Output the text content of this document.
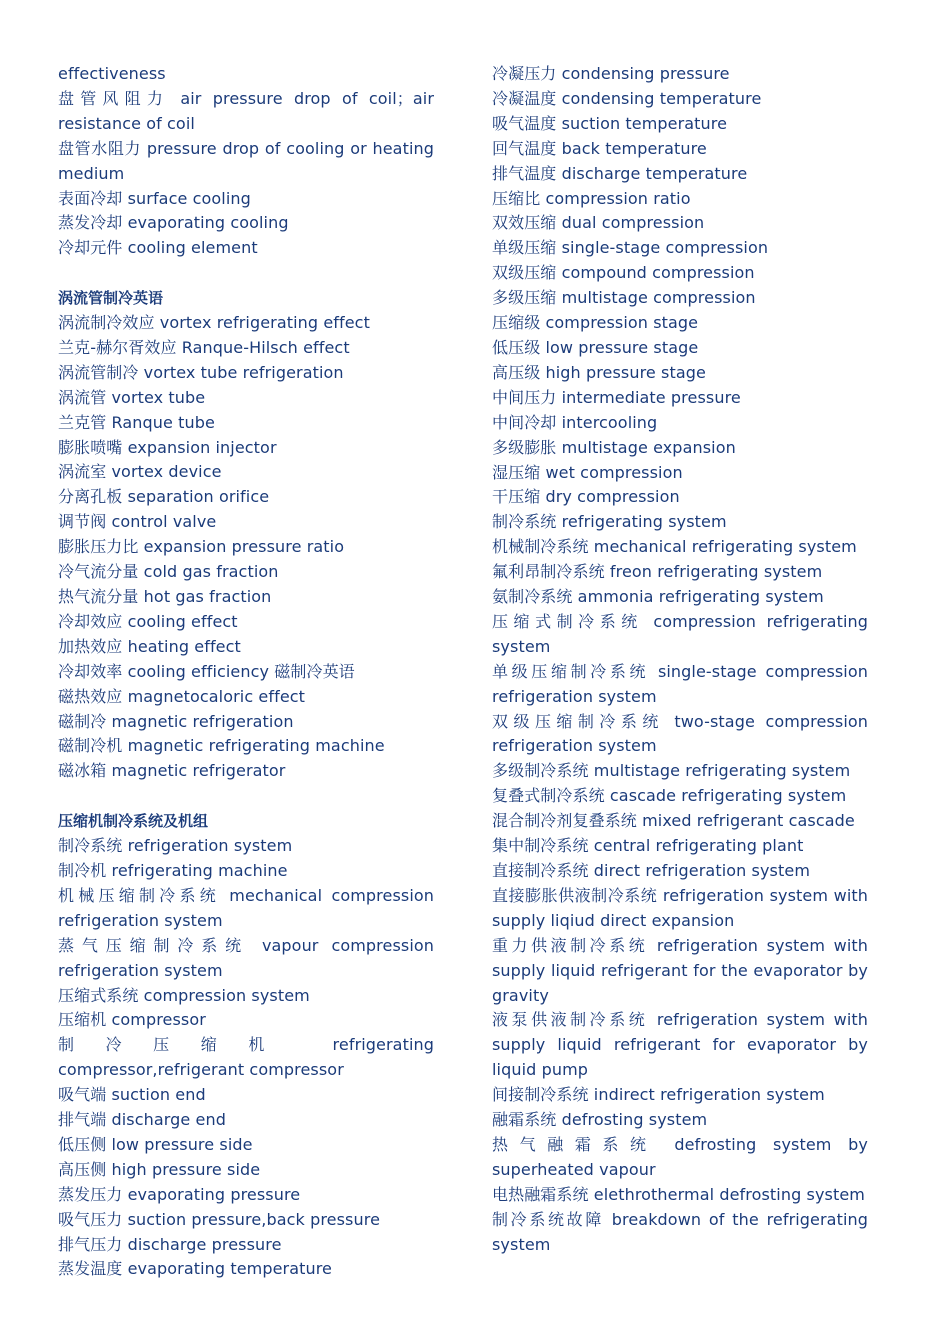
effectiveness
盘管风阻力 air pressure drop of coil；air resistance of coil
盘管水阻力 pressure drop of cooling or heating medium
表面冷却 surface cooling
蒸发冷却 evaporating cooling
冷却元件 cooling element
涡流管制冷英语
涡流制冷效应 vortex refrigerating effect
兰克-赫尔胥效应 Ranque-Hilsch effect
涡流管制冷 vortex tube refrigeration
涡流管 vortex tube
兰克管 Ranque tube
膨胀喷嘴 expansion injector
涡流室 vortex device
分离孔板 separation orifice
调节阀 control valve
膨胀压力比 expansion pressure ratio
冷气流分量 cold gas fraction
热气流分量 hot gas fraction
冷却效应 cooling effect
加热效应 heating effect
冷却效率 cooling efficiency 磁制冷英语
磁热效应 magnetocaloric effect
磁制冷 magnetic refrigeration
磁制冷机 magnetic refrigerating machine
磁冰箱 magnetic refrigerator
压缩机制冷系统及机组
制冷系统 refrigeration system
制冷机 refrigerating machine
机械压缩制冷系统 mechanical compression refrigeration system
蒸气压缩制冷系统 vapour compression refrigeration system
压缩式系统 compression system
压缩机 compressor
制冷压缩机 refrigerating compressor,refrigerant compressor
吸气端 suction end
排气端 discharge end
低压侧 low pressure side
高压侧 high pressure side
蒸发压力 evaporating pressure
吸气压力 suction pressure,back pressure
排气压力 discharge pressure
蒸发温度 evaporating temperature
冷凝压力 condensing pressure
冷凝温度 condensing temperature
吸气温度 suction temperature
回气温度 back temperature
排气温度 discharge temperature
压缩比 compression ratio
双效压缩 dual compression
单级压缩 single-stage compression
双级压缩 compound compression
多级压缩 multistage compression
压缩级 compression stage
低压级 low pressure stage
高压级 high pressure stage
中间压力 intermediate pressure
中间冷却 intercooling
多级膨胀 multistage expansion
湿压缩 wet compression
干压缩 dry compression
制冷系统 refrigerating system
机械制冷系统 mechanical refrigerating system
氟利昂制冷系统 freon refrigerating system
氨制冷系统 ammonia refrigerating system
压缩式制冷系统 compression refrigerating system
单级压缩制冷系统 single-stage compression refrigeration system
双级压缩制冷系统 two-stage compression refrigeration system
多级制冷系统 multistage refrigerating system
复叠式制冷系统 cascade refrigerating system
混合制冷剂复叠系统 mixed refrigerant cascade
集中制冷系统 central refrigerating plant
直接制冷系统 direct refrigeration system
直接膨胀供液制冷系统 refrigeration system with supply liqiud direct expansion
重力供液制冷系统 refrigeration system with supply liquid refrigerant for the evaporator by gravity
液泵供液制冷系统 refrigeration system with supply liquid refrigerant for evaporator by liquid pump
间接制冷系统 indirect refrigeration system
融霜系统 defrosting system
热气融霜系统 defrosting system by superheated vapour
电热融霜系统 elethrothermal defrosting system
制冷系统故障 breakdown of the refrigerating system
